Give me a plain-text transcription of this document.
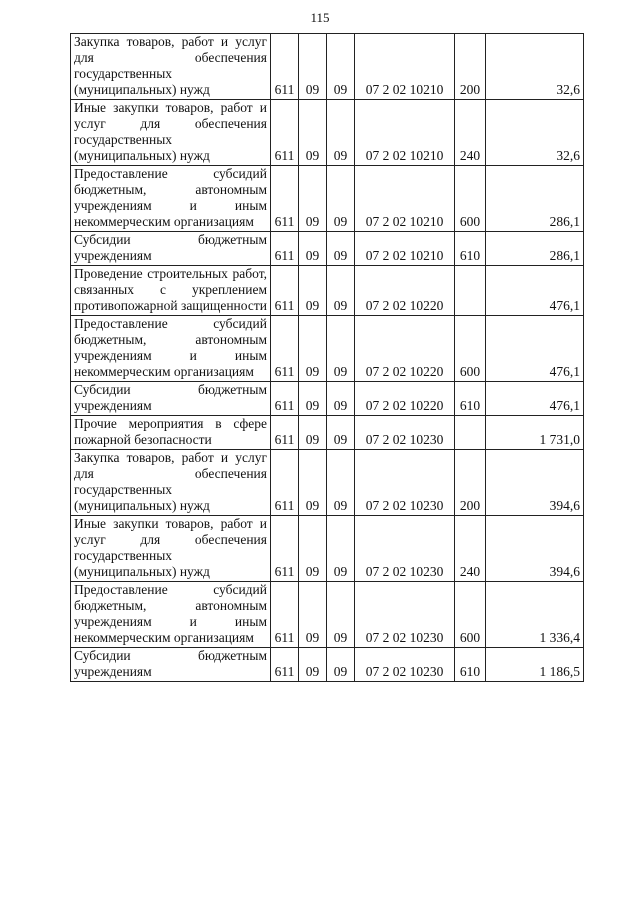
115
Закупка товаров, работ и услуг для обеспечения государственных (муниципальных) нужд	611	09	09	07 2 02 10210	200	32,6

Иные закупки товаров, работ и услуг для обеспечения государственных (муниципальных) нужд	611	09	09	07 2 02 10210	240	32,6

Предоставление субсидий бюджетным, автономным учреждениям и иным некоммерческим организациям	611	09	09	07 2 02 10210	600	286,1

Субсидии бюджетным учреждениям	611	09	09	07 2 02 10210	610	286,1

Проведение строительных работ, связанных с укреплением противопожарной защищенности	611	09	09	07 2 02 10220		476,1

Предоставление субсидий бюджетным, автономным учреждениям и иным некоммерческим организациям	611	09	09	07 2 02 10220	600	476,1

Субсидии бюджетным учреждениям	611	09	09	07 2 02 10220	610	476,1

Прочие мероприятия в сфере пожарной безопасности	611	09	09	07 2 02 10230		1 731,0

Закупка товаров, работ и услуг для обеспечения государственных (муниципальных) нужд	611	09	09	07 2 02 10230	200	394,6

Иные закупки товаров, работ и услуг для обеспечения государственных (муниципальных) нужд	611	09	09	07 2 02 10230	240	394,6

Предоставление субсидий бюджетным, автономным учреждениям и иным некоммерческим организациям	611	09	09	07 2 02 10230	600	1 336,4

Субсидии бюджетным учреждениям	611	09	09	07 2 02 10230	610	1 186,5
